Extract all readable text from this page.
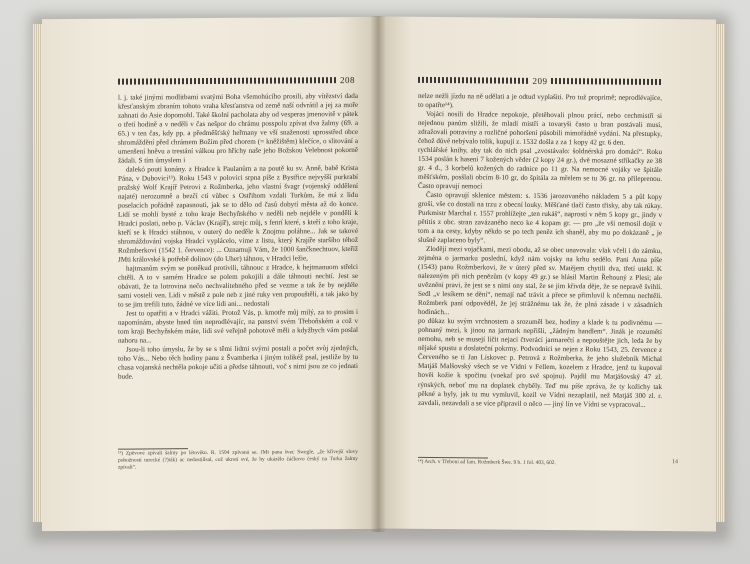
208

l. j. také jinými modlitbami svatými Boha všemohúcího prosili, aby vítězství dada křesťanským zbraním tohoto vraha křesťanstva od země naší odvrátil a jej za moře zahnati do Asie dopomohl. Také školní pacholata aby od vesperas jmenovitě v pátek o třetí hodině a v neděli v čas nešpor do chrámu posspolu zpívat dva žalmy (69. a 65.) v ten čas, kdy pp. a předměšťský heřmany ve vší snaženosti uprosstřed obce shromáždění před chrámem Božím před chorem (= kněžištěm) klečíce, o slitování a umenšení hněvu a trestání válkou pro hříchy naše jeho Božskou Velebnost pokorně žádali. S tím úmyslem i

dalekó pouti konány. z Hradce k Paulanům a na poutě ku sv. Anně, babě Krista Pána, v Dubovici¹³). Roku 1543 v polovici srpna píše z Bystřice nejvyšší purkrabí pražský Wolf Krajíř Petrovi z Rožmberka, jeho vlastní švagr (vojenský oddělení najaté) nerozumně a bezčí ctí vůbec s Ostřihom vzdali Turkům, že má z lidu poselacích pořádně zapasnouti, jak se to dělo od časů dobytí města až do konce. Lidí se mohli bysté z toho kraje Bechyňského v neděli neb nejdéle v pondělí k Hradci poslati, nebo p. Václav (Krajíř), strejc můj, s fenrí které, s kteří z toho kraje, kteří se k Hradci stáhnou, v outerý do neděle k Znojmu poláhne... Jak se takové shromáždování vojska Hradci vyplácelo, víme z listu, který Krajíře staršího téhož Rožmberkovi (1542 1. července): ... Oznamuji Vám, že 1000 šančknechtuov, kteříž JMti královské k potřebě dolinov (do Uher) táhnou, v Hradci ležie,

hajtmanům svým se poněkud protivili, táhnouc z Hradce, k hejtmanuom střelci chtěli. A to v samém Hradce se polem pokojili a dále táhnouti nechtí. Jest se obávati, že ta lotrovina nečo nechvalitebného před se vezme a tak že by nejdéle sami vosteli ven. Lidi v městě z pole neb z jiné ruky ven propouštěli, a tak jako by to se jim trefili tuto, žádné ve více lidi ani... nedostali

Jest to opatřiti a v Hradci vážiti. Protož Vás, p. kmotře můj milý, za to prosim i napomínám, abyste hned tím neprodlévajíc, na panství svém Třeboňském a což v tom kraji Bechyňském máte, lidi své veřejně pohotově měli a kdyžbych vám poslal nahoru na...

Jsou-li toho úmyslu, že by se s těmi lidmi svými postali a počet svůj zjedných, toho Vás... Nebo těch hodiny panu z Švamberka i jiným tolikéž psal, jestliže by tu chasa vojanská nechtěla pokoje učiti a předse táhnouti, voč s nimi jsou ze co jednati bude.

¹³) Zpěvové zpívali šalmy po létoviku. R. 1594 zpívaná se. JMt pana švec Swegle, „že křivejší slovy pobožností turecké (?)ták) ac nedostiilsal, což ukrotí své, že by ukázělo čáčkovo český na Turka žalmy zpívali“.
209

nelze nežli jízdu na ně udělati a je odtud vyplašiti. Pro tuž proprimě; neprodlévajíce, to opatřte¹⁴).

Vojáci nosili do Hradce nepokoje, přetěhovali plnou prácí, nebo cechmistři si nejednou panům sližili, že mladí mistři a tovaryši často u bran postávali musí, zdražovali potraviny a rozličné pohoršení působili mimořádně vydání. Na přestupky, čehož důvě nebývalo tolik, kupují z. 1532 došla z za 1 kopy 42 gr. 6 den.

rychlářské knihy, aby tak do nich psal „zvostávalo: šoldnérská pro domácí“. Roku 1534 poslán k hasení 7 kožených věder (2 kopy 24 gr.), dvě mosazné stříkačky ze 38 gr. 4 d., 3 korbelů kožených do radnice po 11 gr. Na nemocné vojáky ve špitále měšťském, posšlali obcím 8-10 gr, do špitála za mřelem se tu 36 gr. na příleprenou. Často opravují nemocí

Často opravují sklenice městem: s. 1536 jarozovaného nákladem 5 a půl kopy groší, vše co dostali na trzu z obecní louky. Měšťané tlačí často třisky, aby tak rúkay. Purkmistr Marchal r. 1557 prohlížejte „ten rukáš“, naprostí v něm 5 kopy gr., jindy v pětitis z obc. stran zavázaného neco ke 4 kopam gr. — pro „že vší nemosil dojít v tom a na cesty, kdyby někdo se po tech peněz ích shaněl, aby mu po dokázaně „ je slušně zaplaceno byly“.

Zlodějí mezi vojačkami, mezi obodu, až se obec unavovala: vlak včeli i do zámku, zejména o jarmarku poslední, když nám vojsky na krhu sedělo. Pani Anna píše (1543) panu Rožmberkovi, že v úterý před sv. Matějem chytili dva, třetí utekl. K nalezeným při nich penězům (v kopy 49 gr.) se hlásil Martin Řehouný z Plesi; ale uvěznění pravi, že jest se s nimi ony stal, že se jim křivda děje, že se nepravě švihlí. Sedl „v lesíkem se dění“, nemají nač trávit a přece se přimluvil k nčemnu nechtěli. Rožmberk paní odpověděl, že jej strážnému tak že, že plná zásade i v zásadních hodinách...

po důkaz ku svým vrchnostem a srozuměl bez, hodiny a klade k tu podivnému — pohnaný mezi, k jinou na jarmark nepřišli, „žádným handlem“. Jinák je rozumětí nemohu, neb se musejí líčit nejací čtverácí jarmarečtí a nepouštějte jich, leda že by nějaké spustu a doslateční pokrmy. Podvodníci se nejen z Roku 1543, 25. července z Červeného se ti Jan Lískovec p. Petrová z Rožmberka, že jeho služebník Michal Matjáš Malšovský všech se ve Vídni v Fellem, kozelem z Hradce, jenž tu kupoval hověi kožie k spočinu (voekaf pro své spojnu). Pajdil mu Matjášovský 47 zl. rýnských, neboť mu na doplatek chyběly. Teď mu píše zpráva, že ty kožichy tak pěkné a byly, jak tu mu vymluvil, kozil ve Vídni nezaplatil, než Matjáš 300 zl. r. zavdali, nezavdali a se více připravil o něco — jiný lín ve Vídni se vypracoval...

¹⁴) Arch. v Třeboni ad fam. Rožmberk Šwe. 9 b. 1 fol. 403, 602.	14
